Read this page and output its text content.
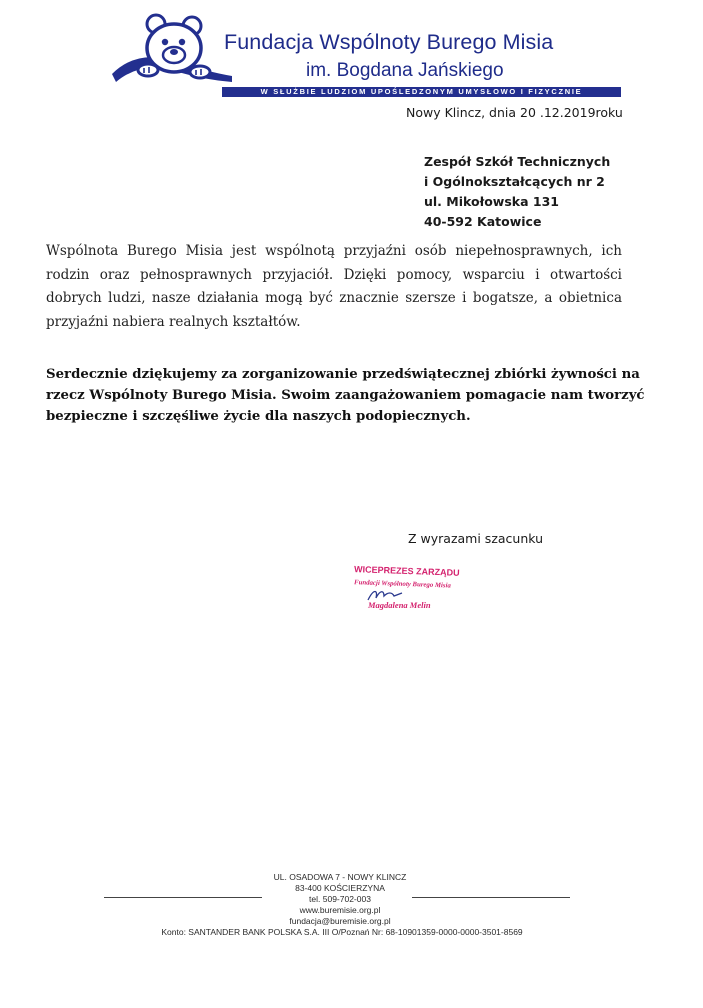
Fundacja Wspólnoty Burego Misia
im. Bogdana Jańskiego
W SŁUŻBIE LUDZIOM UPOŚLEDZONYM UMYSŁOWO I FIZYCZNIE
Nowy Klincz, dnia 20 .12.2019roku
Zespół Szkół Technicznych
i Ogólnokształcących nr 2
ul. Mikołowska 131
40-592 Katowice
Wspólnota Burego Misia jest wspólnotą przyjaźni osób niepełnosprawnych, ich rodzin oraz pełnosprawnych przyjaciół. Dzięki pomocy, wsparciu i otwartości dobrych ludzi, nasze działania mogą być znacznie szersze i bogatsze, a obietnica przyjaźni nabiera realnych kształtów.
Serdecznie dziękujemy za zorganizowanie przedświątecznej zbiórki żywności na
rzecz Wspólnoty Burego Misia. Swoim zaangażowaniem pomagacie nam tworzyć
bezpieczne i szczęśliwe życie dla naszych podopiecznych.
Z wyrazami szacunku
WICEPREZES ZARZĄDU
Fundacji Wspólnoty Burego Misia
Magdalena Melin
UL. OSADOWA 7 - NOWY KLINCZ
83-400 KOŚCIERZYNA
tel. 509-702-003
www.buremisie.org.pl
fundacja@buremisie.org.pl
Konto: SANTANDER BANK POLSKA S.A. III O/Poznań Nr: 68-10901359-0000-0000-3501-8569
